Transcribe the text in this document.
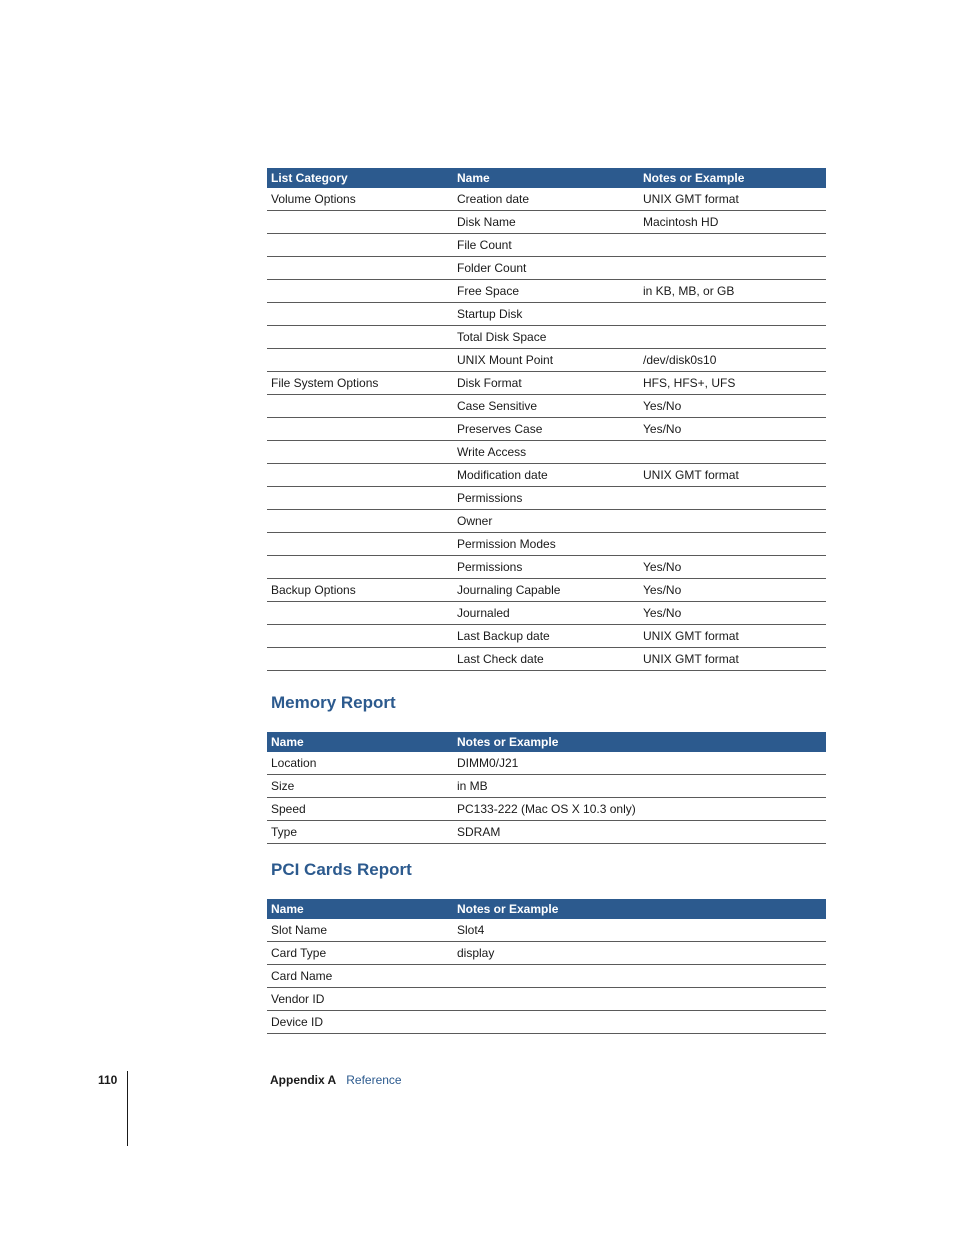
List Category	Name	Notes or Example
Volume Options	Creation date	UNIX GMT format
	Disk Name	Macintosh HD
	File Count	
	Folder Count	
	Free Space	in KB, MB, or GB
	Startup Disk	
	Total Disk Space	
	UNIX Mount Point	/dev/disk0s10
File System Options	Disk Format	HFS, HFS+, UFS
	Case Sensitive	Yes/No
	Preserves Case	Yes/No
	Write Access	
	Modification date	UNIX GMT format
	Permissions	
	Owner	
	Permission Modes	
	Permissions	Yes/No
Backup Options	Journaling Capable	Yes/No
	Journaled	Yes/No
	Last Backup date	UNIX GMT format
	Last Check date	UNIX GMT format
Memory Report
Name	Notes or Example
Location	DIMM0/J21
Size	in MB
Speed	PC133-222 (Mac OS X 10.3 only)
Type	SDRAM
PCI Cards Report
Name	Notes or Example
Slot Name	Slot4
Card Type	display
Card Name	
Vendor ID	
Device ID	
110	Appendix A Reference
